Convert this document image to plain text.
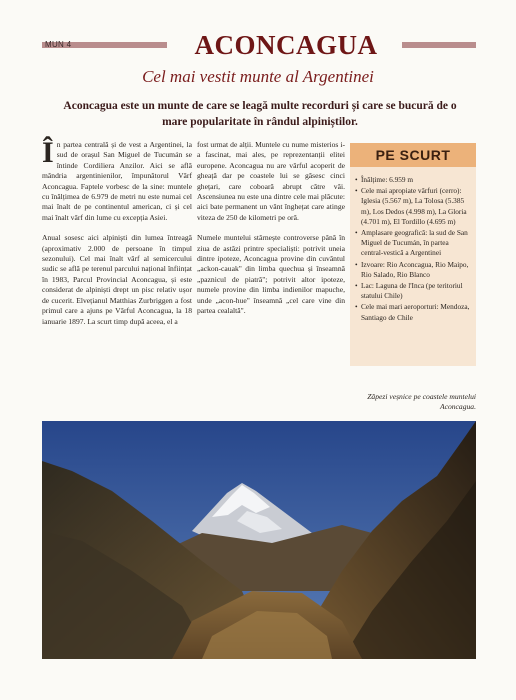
MUN 4	ACONCAGUA
Cel mai vestit munte al Argentinei
Aconcagua este un munte de care se leagă multe recorduri și care se bucură de o mare popularitate în rândul alpiniștilor.

În partea centrală și de vest a Argentinei, la sud de orașul San Miguel de Tucumán se întinde Cordiliera Anzilor. Aici se află mândria argentinienilor, împunătorul Vârf Aconcagua. Faptele vorbesc de la sine: muntele cu înălțimea de 6.979 de metri nu este numai cel mai înalt de pe continentul american, ci și cel mai înalt vârf din lume cu excepția Asiei.

Anual sosesc aici alpiniști din lumea întreagă (aproximativ 2.000 de persoane în timpul sezonului). Cel mai înalt vârf al semicercului sudic se află pe terenul parcului național înființat în 1983, Parcul Provincial Aconcagua, și este considerat de alpiniști drept un pisc relativ ușor de cucerit. Elvețianul Matthias Zurbriggen a fost primul care a ajuns pe Vârful Aconcagua, la 18 ianuarie 1897. La scurt timp după aceea, el a

fost urmat de alții. Muntele cu nume misterios i-a fascinat, mai ales, pe reprezentanții elitei europene. Aconcagua nu are vârful acoperit de gheață dar pe coastele lui se găsesc cinci ghețari, care coboară abrupt către văi. Ascensiunea nu este una dintre cele mai plăcute: aici bate permanent un vânt înghețat care atinge viteza de 250 de kilometri pe oră.

Numele muntelui stârnește controverse până în ziua de astăzi printre specialiști: potrivit uneia dintre ipoteze, Aconcagua provine din cuvântul „ackon-cauak" din limba quechua și înseamnă „paznicul de piatră"; potrivit altor ipoteze, numele provine din limba indienilor mapuche, unde „acon-hue" înseamnă „cel care vine din partea cealaltă".

PE SCURT
• Înălțime: 6.959 m
• Cele mai apropiate vârfuri (cerro): Iglesia (5.567 m), La Tolosa (5.385 m), Los Dedos (4.998 m), La Gloria (4.701 m), El Tordillo (4.695 m)
• Amplasare geografică: la sud de San Miguel de Tucumán, în partea central-vestică a Argentinei
• Izvoare: Rio Aconcagua, Rio Maipo, Rio Salado, Rio Blanco
• Lac: Laguna de l'Inca (pe teritoriul statului Chile)
• Cele mai mari aeroporturi: Mendoza, Santiago de Chile
Zăpezi veșnice pe coastele muntelui Aconcagua.
